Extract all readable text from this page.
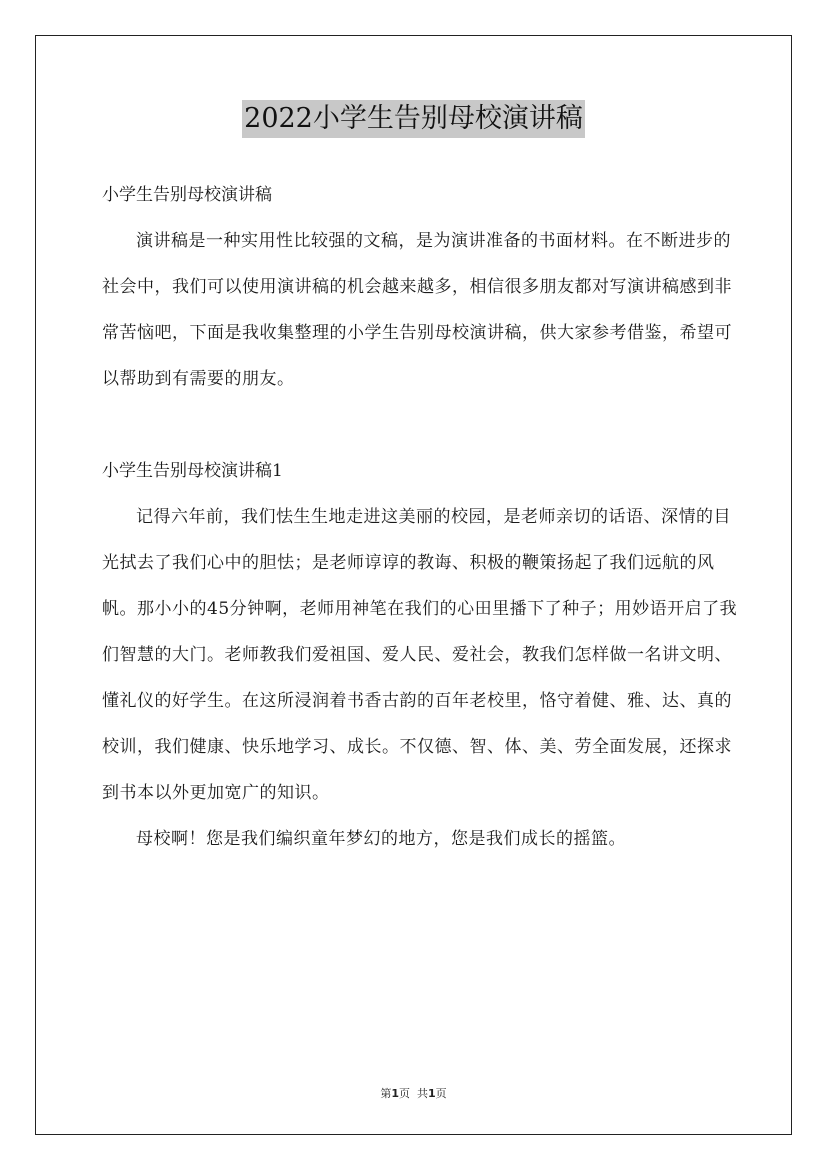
2022小学生告别母校演讲稿

小学生告别母校演讲稿

演讲稿是一种实用性比较强的文稿，是为演讲准备的书面材料。在不断进步的社会中，我们可以使用演讲稿的机会越来越多，相信很多朋友都对写演讲稿感到非常苦恼吧，下面是我收集整理的小学生告别母校演讲稿，供大家参考借鉴，希望可以帮助到有需要的朋友。

小学生告别母校演讲稿1

记得六年前，我们怯生生地走进这美丽的校园，是老师亲切的话语、深情的目光拭去了我们心中的胆怯；是老师谆谆的教诲、积极的鞭策扬起了我们远航的风帆。那小小的45分钟啊，老师用神笔在我们的心田里播下了种子；用妙语开启了我们智慧的大门。老师教我们爱祖国、爱人民、爱社会，教我们怎样做一名讲文明、懂礼仪的好学生。在这所浸润着书香古韵的百年老校里，恪守着健、雅、达、真的校训，我们健康、快乐地学习、成长。不仅德、智、体、美、劳全面发展，还探求到书本以外更加宽广的知识。

母校啊！您是我们编织童年梦幻的地方，您是我们成长的摇篮。

第1页 共1页
